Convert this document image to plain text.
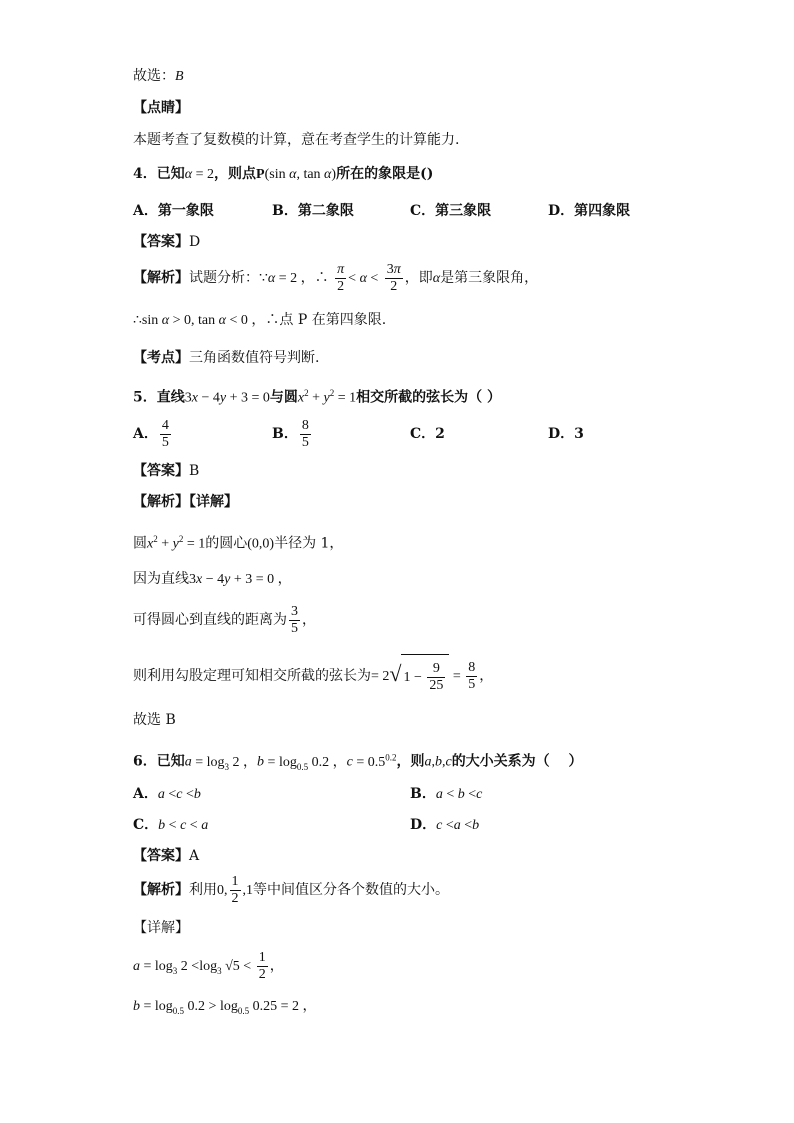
故选：B
【点睛】
本题考查了复数模的计算，意在考查学生的计算能力.
4．已知α = 2，则点P(sin α, tan α)所在的象限是()
A．第一象限	B．第二象限	C．第三象限	D．第四象限
【答案】D
【解析】试题分析：∵α = 2 ，∴ $\frac{\pi}{2} < \alpha < \frac{3\pi}{2}$ ，即α是第三象限角，
∴sin α > 0, tan α < 0 ，∴点 P 在第四象限.
【考点】三角函数值符号判断.
5．直线3x − 4y + 3 = 0与圆$x^2 + y^2 = 1$相交所截的弦长为（ ）
A． $\frac{4}{5}$	B． $\frac{8}{5}$	C．2	D．3
【答案】B
【解析】【详解】
圆$x^2 + y^2 = 1$的圆心(0,0)半径为 1，
因为直线3x − 4y + 3 = 0 ，
可得圆心到直线的距离为 $\frac{3}{5}$ ，
则利用勾股定理可知相交所截的弦长为= 2√ $1 - \frac{9}{25} = \frac{8}{5}$ ，
故选 B
6．已知$a = \log_3 2$ ，$b = \log_{0.5} 0.2$ ，$c = 0.5^{0.2}$，则a,b,c的大小关系为（　 ）
A．a <c <b	B．a < b <c
C．b < c < a	D．c <a <b
【答案】A
【解析】利用0, $\frac{1}{2} ,1$等中间值区分各个数值的大小。
【详解】
$a = \log_3 2 <\log_3$ $√5 < \frac{1}{2}$ ，
$b = \log_{0.5} 0.2 > \log_{0.5} 0.25 = 2$ ，
